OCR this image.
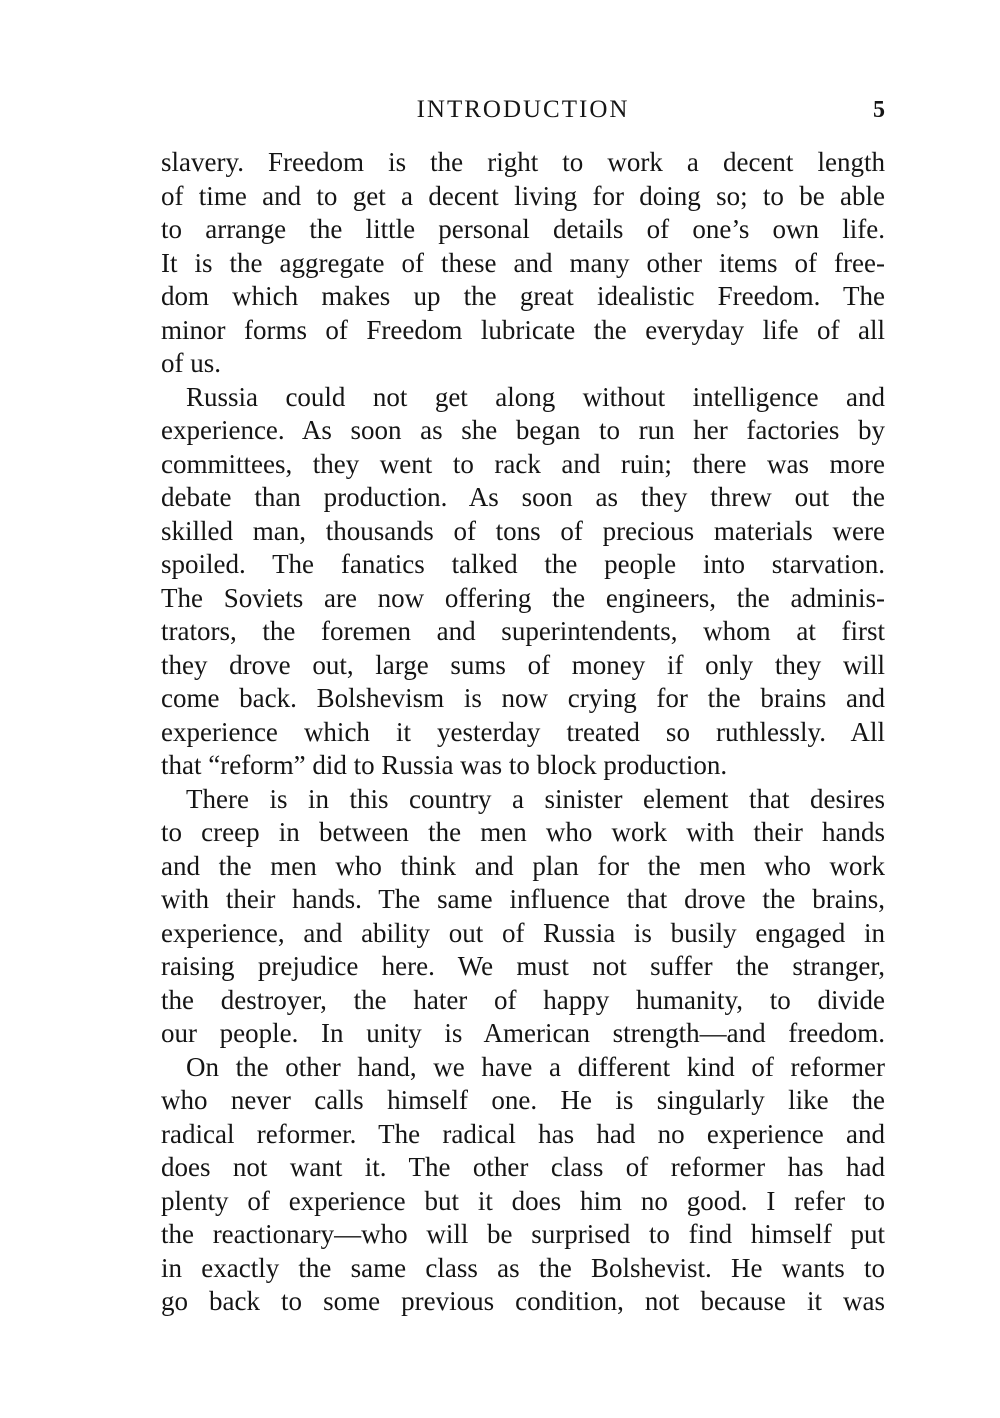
INTRODUCTION	5
slavery. Freedom is the right to work a decent length
of time and to get a decent living for doing so; to be able
to arrange the little personal details of one’s own life.
It is the aggregate of these and many other items of free-
dom which makes up the great idealistic Freedom. The
minor forms of Freedom lubricate the everyday life of all
of us.
Russia could not get along without intelligence and
experience. As soon as she began to run her factories by
committees, they went to rack and ruin; there was more
debate than production. As soon as they threw out the
skilled man, thousands of tons of precious materials were
spoiled. The fanatics talked the people into starvation.
The Soviets are now offering the engineers, the adminis-
trators, the foremen and superintendents, whom at first
they drove out, large sums of money if only they will
come back. Bolshevism is now crying for the brains and
experience which it yesterday treated so ruthlessly. All
that “reform” did to Russia was to block production.
There is in this country a sinister element that desires
to creep in between the men who work with their hands
and the men who think and plan for the men who work
with their hands. The same influence that drove the brains,
experience, and ability out of Russia is busily engaged in
raising prejudice here. We must not suffer the stranger,
the destroyer, the hater of happy humanity, to divide
our people. In unity is American strength—and freedom.
On the other hand, we have a different kind of reformer
who never calls himself one. He is singularly like the
radical reformer. The radical has had no experience and
does not want it. The other class of reformer has had
plenty of experience but it does him no good. I refer to
the reactionary—who will be surprised to find himself put
in exactly the same class as the Bolshevist. He wants to
go back to some previous condition, not because it was
